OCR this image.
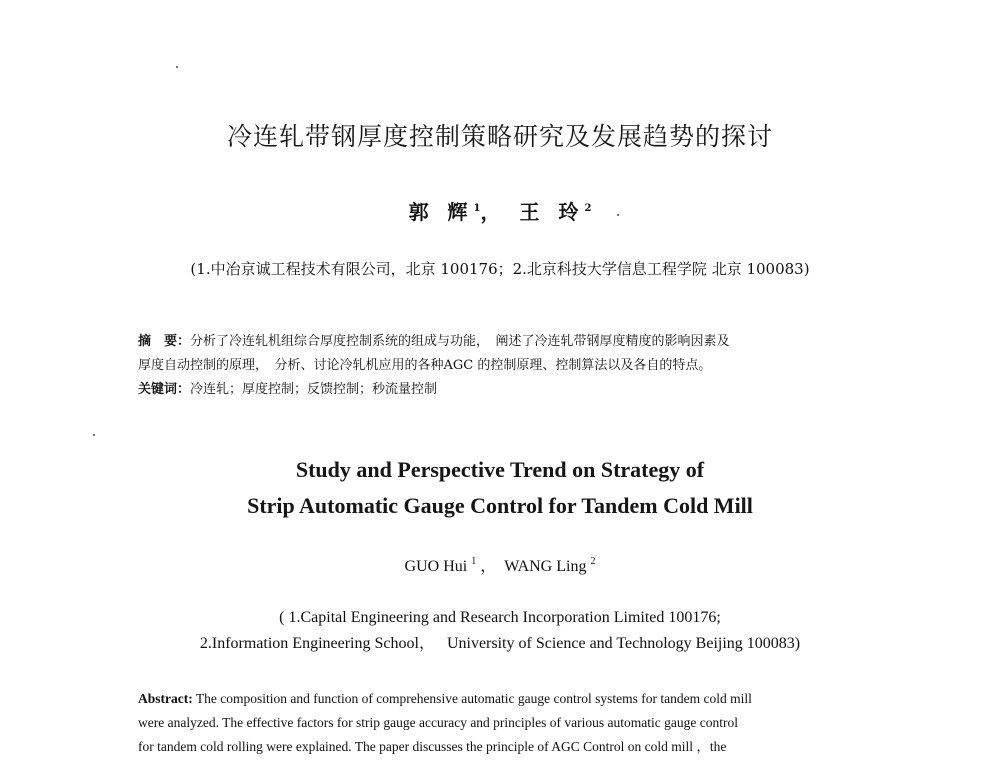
冷连轧带钢厚度控制策略研究及发展趋势的探讨
郭 辉$^1$， 王 玲$^2$
(1.中冶京诚工程技术有限公司，北京 100176；2.北京科技大学信息工程学院 北京 100083)

摘　要：分析了冷连轧机组综合厚度控制系统的组成与功能，　阐述了冷连轧带钢厚度精度的影响因素及

厚度自动控制的原理，　分析、讨论冷轧机应用的各种AGC 的控制原理、控制算法以及各自的特点。

关键词：冷连轧；厚度控制；反馈控制；秒流量控制

Study and Perspective Trend on Strategy of
Strip Automatic Gauge Control for Tandem Cold Mill
GUO Hui $^1$ ， WANG Ling $^2$
( 1.Capital Engineering and Research Incorporation Limited 100176;
2.Information Engineering School，   University of Science and Technology Beijing 100083)

Abstract: The composition and function of comprehensive automatic gauge control systems for tandem cold mill

were analyzed. The effective factors for strip gauge accuracy and principles of various automatic gauge control

for tandem cold rolling were explained. The paper discusses the principle of AGC Control on cold mill ，the
